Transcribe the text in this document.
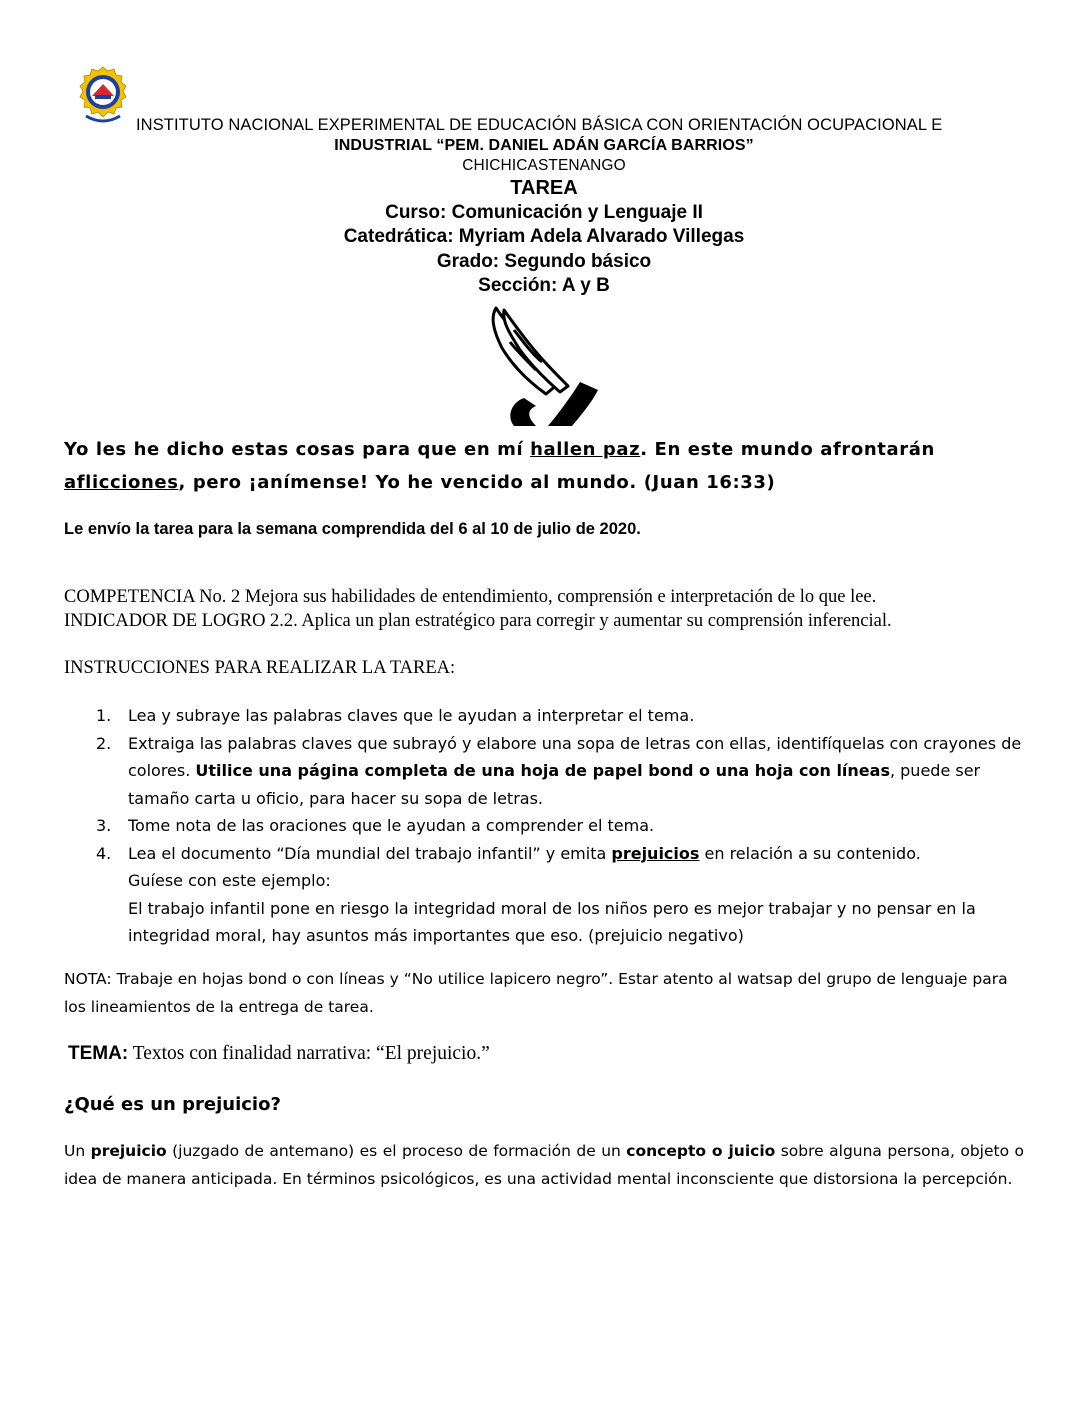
INSTITUTO NACIONAL EXPERIMENTAL DE EDUCACIÓN BÁSICA CON ORIENTACIÓN OCUPACIONAL E
INDUSTRIAL “PEM. DANIEL ADÁN GARCÍA BARRIOS”
CHICHICASTENANGO
TAREA
Curso: Comunicación y Lenguaje II
Catedrática: Myriam Adela Alvarado Villegas
Grado: Segundo básico
Sección: A y B
Yo les he dicho estas cosas para que en mí hallen paz. En este mundo afrontarán
aflicciones, pero ¡anímense! Yo he vencido al mundo. (Juan 16:33)
Le envío la tarea para la semana comprendida del 6 al 10 de julio de 2020.
COMPETENCIA No. 2 Mejora sus habilidades de entendimiento, comprensión e interpretación de lo que lee.
INDICADOR DE LOGRO 2.2. Aplica un plan estratégico para corregir y aumentar su comprensión inferencial.
INSTRUCCIONES PARA REALIZAR LA TAREA:
1. Lea y subraye las palabras claves que le ayudan a interpretar el tema.
2. Extraiga las palabras claves que subrayó y elabore una sopa de letras con ellas, identifíquelas con crayones de colores. Utilice una página completa de una hoja de papel bond o una hoja con líneas, puede ser tamaño carta u oficio, para hacer su sopa de letras.
3. Tome nota de las oraciones que le ayudan a comprender el tema.
4. Lea el documento “Día mundial del trabajo infantil” y emita prejuicios en relación a su contenido.
Guíese con este ejemplo:
El trabajo infantil pone en riesgo la integridad moral de los niños pero es mejor trabajar y no pensar en la integridad moral, hay asuntos más importantes que eso. (prejuicio negativo)
NOTA: Trabaje en hojas bond o con líneas y “No utilice lapicero negro”. Estar atento al watsap del grupo de lenguaje para los lineamientos de la entrega de tarea.
TEMA: Textos con finalidad narrativa: “El prejuicio.”
¿Qué es un prejuicio?
Un prejuicio (juzgado de antemano) es el proceso de formación de un concepto o juicio sobre alguna persona, objeto o idea de manera anticipada. En términos psicológicos, es una actividad mental inconsciente que distorsiona la percepción.
